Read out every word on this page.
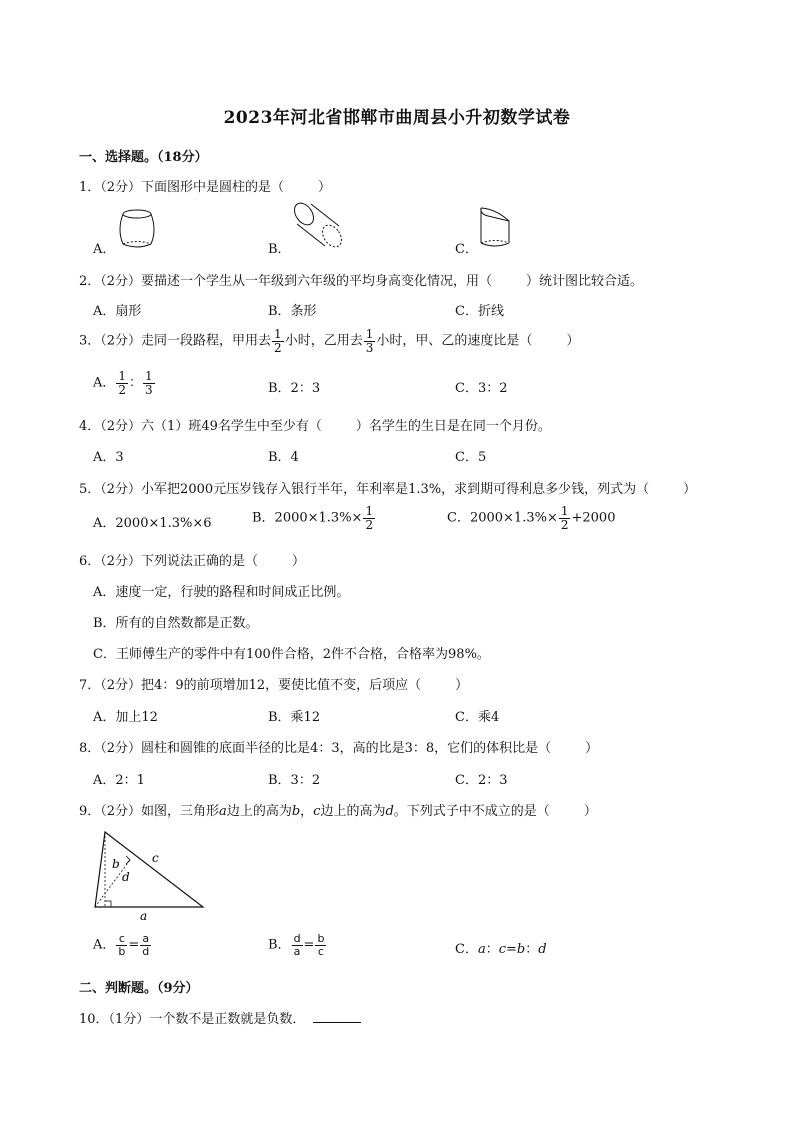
2023年河北省邯郸市曲周县小升初数学试卷
一、选择题。（18分）
1．（2分）下面图形中是圆柱的是（	）
A．	B．	C．
2．（2分）要描述一个学生从一年级到六年级的平均身高变化情况，用（	）统计图比较合适。
A．扇形	B．条形	C．折线
3．（2分）走同一段路程，甲用去 $\frac{1}{2}$ 小时，乙用去 $\frac{1}{3}$ 小时，甲、乙的速度比是（	）
A． $\frac{1}{2}$ ： $\frac{1}{3}$	B．2：3	C．3：2
4．（2分）六（1）班49名学生中至少有（	）名学生的生日是在同一个月份。
A．3	B．4	C．5
5．（2分）小军把2000元压岁钱存入银行半年，年利率是1.3%，求到期可得利息多少钱，列式为（	）
A．2000×1.3%×6	B．$2000\times 1.3\%\times \frac{1}{2}$	C．$2000\times 1.3\%\times \frac{1}{2} +2000$
6．（2分）下列说法正确的是（	）
A．速度一定，行驶的路程和时间成正比例。
B．所有的自然数都是正数。
C．王师傅生产的零件中有100件合格，2件不合格，合格率为98%。
7．（2分）把4：9的前项增加12，要使比值不变，后项应（	）
A．加上12	B．乘12	C．乘4
8．（2分）圆柱和圆锥的底面半径的比是4：3，高的比是3：8，它们的体积比是（	）
A．2：1	B．3：2	C．2：3
9．（2分）如图，三角形a边上的高为b，c边上的高为d。下列式子中不成立的是（	）
b	c
d
a
A． $\frac{c}{b} = \frac{a}{d}$	B． $\frac{d}{a} = \frac{b}{c}$	C．a：c=b：d
二、判断题。（9分）
10．（1分）一个数不是正数就是负数．
